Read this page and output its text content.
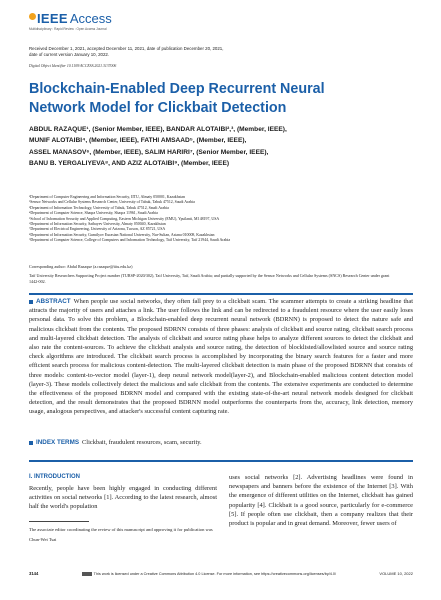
IEEE Access
Multidisciplinary : Rapid Review : Open Access Journal
Received December 1, 2021, accepted December 11, 2021, date of publication December 20, 2021,
date of current version January 10, 2022.
Digital Object Identifier 10.1109/ACCESS.2021.3137006
Blockchain-Enabled Deep Recurrent Neural Network Model for Clickbait Detection
ABDUL RAZAQUE¹, (Senior Member, IEEE), BANDAR ALOTAIBI²,³, (Member, IEEE),
MUNIF ALOTAIBI⁴, (Member, IEEE), FATHI AMSAAD⁵, (Member, IEEE),
ASSEL MANASOV⁶, (Member, IEEE), SALIM HARIRI⁷, (Senior Member, IEEE),
BANU B. YERGALIYEVA⁸, AND AZIZ ALOTAIBI⁹, (Member, IEEE)
¹Department of Computer Engineering and Information Security, IITU, Almaty 050001, Kazakhstan
²Sensor Networks and Cellular Systems Research Center, University of Tabuk, Tabuk 47512, Saudi Arabia
³Department of Information Technology, University of Tabuk, Tabuk 47512, Saudi Arabia
⁴Department of Computer Science, Shaqra University, Shaqra 11961, Saudi Arabia
⁵School of Information Security and Applied Computing, Eastern Michigan University (EMU), Ypsilanti, MI 48197, USA
⁶Department of Information Security, Satbayev University, Almaty 050040, Kazakhstan
⁷Department of Electrical Engineering, University of Arizona, Tucson, AZ 85721, USA
⁸Department of Information Security, Gumilyov Eurasian National University, Nur-Sultan, Astana 010008, Kazakhstan
⁹Department of Computer Science, College of Computers and Information Technology, Taif University, Taif 21944, Saudi Arabia
Corresponding author: Abdul Razaque (a.razaque@iitu.edu.kz)
Taif University Researchers Supporting Project number (TURSP-2020/302), Taif University, Taif, Saudi Arabia; and partially supported by the Sensor Networks and Cellular Systems (SNCS) Research Center under grant 1442-002.
ABSTRACT When people use social networks, they often fall prey to a clickbait scam. The scammer attempts to create a striking headline that attracts the majority of users and attaches a link. The user follows the link and can be redirected to a fraudulent resource where the user easily loses personal data. To solve this problem, a Blockchain-enabled deep recurrent neural network (BDRNN) is proposed to detect the nature safe and malicious clickbait from the contents. The proposed BDRNN consists of three phases: analysis of clickbait and source rating, clickbait search process and multi-layered clickbait detection. The analysis of clickbait and source rating phase helps to analyze different sources to detect the clickbait and also rate the content-sources. To achieve the clickbait analysis and source rating, the detection of blocklisted/allowlisted source and source rating check algorithms are introduced. The clickbait search process is accomplished by incorporating the binary search features for a faster and more efficient search process for malicious content-detection. The multi-layered clickbait detection is main phase of the proposed BDRNN that consists of three models: content-to-vector model (layer-1), deep neural network model(layer-2), and Blockchain-enabled malicious content detection model (layer-3). These models collectively detect the malicious and safe clickbait from the contents. The extensive experiments are conducted to determine the effectiveness of the proposed BDRNN model and compared with the existing state-of-the-art neural network models designed for clickbait detection, and the result demonstrates that the proposed BDRNN model outperforms the counterparts from the, accuracy, link detection, memory usage, analogous perspectives, and attacker's successful content capturing rate.
INDEX TERMS Clickbait, fraudulent resources, scam, security.
I. INTRODUCTION
Recently, people have been highly engaged in conducting different activities on social networks [1]. According to the latest research, almost half the world's population
The associate editor coordinating the review of this manuscript and approving it for publication was Chun-Wei Tsai
uses social networks [2]. Advertising headlines were found in newspapers and banners before the existence of the Internet [3]. With the emergence of different utilities on the Internet, clickbait has gained popularity [4]. Clickbait is a good source, particularly for e-commerce [5]. If people often use clickbait, then a company realizes that their product is popular and in great demand. Moreover, fewer users of
3144	This work is licensed under a Creative Commons Attribution 4.0 License. For more information, see https://creativecommons.org/licenses/by/4.0/	VOLUME 10, 2022
